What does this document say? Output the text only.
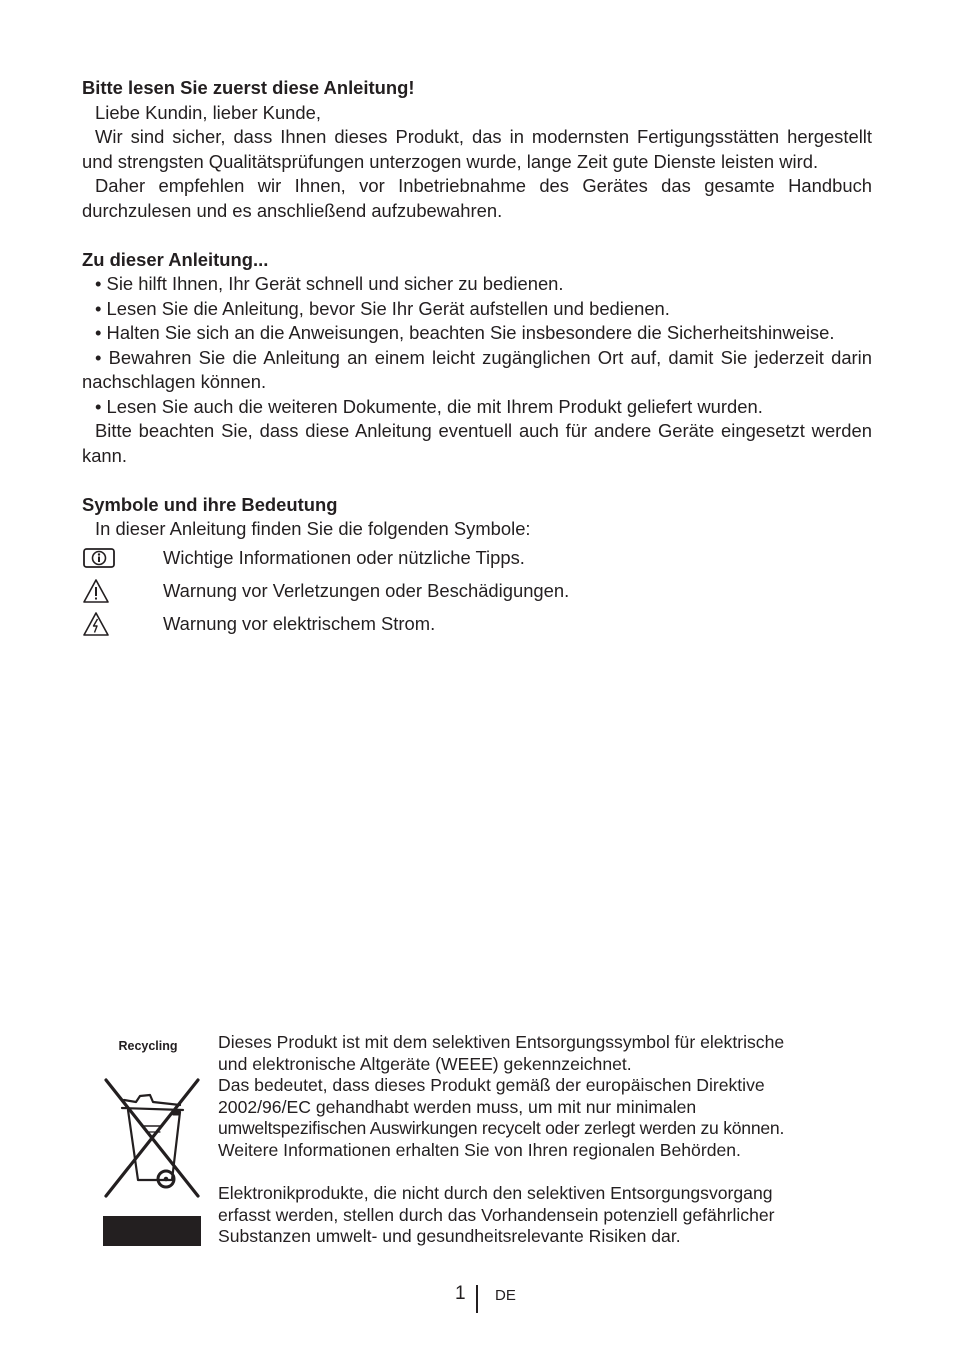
Bitte lesen Sie zuerst diese Anleitung!

Liebe Kundin, lieber Kunde,

Wir sind sicher, dass Ihnen dieses Produkt, das in modernsten Fertigungsstätten hergestellt und strengsten Qualitätsprüfungen unterzogen wurde, lange Zeit gute Dienste leisten wird.

Daher empfehlen wir Ihnen, vor Inbetriebnahme des Gerätes das gesamte Handbuch durchzulesen und es anschließend aufzubewahren.

Zu dieser Anleitung...

• Sie hilft Ihnen, Ihr Gerät schnell und sicher zu bedienen.

• Lesen Sie die Anleitung, bevor Sie Ihr Gerät aufstellen und bedienen.

• Halten Sie sich an die Anweisungen, beachten Sie insbesondere die Sicherheitshinweise.

• Bewahren Sie die Anleitung an einem leicht zugänglichen Ort auf, damit Sie jederzeit darin nachschlagen können.

• Lesen Sie auch die weiteren Dokumente, die mit Ihrem Produkt geliefert wurden.

Bitte beachten Sie, dass diese Anleitung eventuell auch für andere Geräte eingesetzt werden kann.

Symbole und ihre Bedeutung

In dieser Anleitung finden Sie die folgenden Symbole:

Wichtige Informationen oder nützliche Tipps.
Warnung vor Verletzungen oder Beschädigungen.
Warnung vor elektrischem Strom.
Recycling	Dieses Produkt ist mit dem selektiven Entsorgungssymbol für elektrische

und elektronische Altgeräte (WEEE) gekennzeichnet.

Das bedeutet, dass dieses Produkt gemäß der europäischen Direktive

2002/96/EC gehandhabt werden muss, um mit nur minimalen

umweltspezifischen Auswirkungen recycelt oder zerlegt werden zu können.

Weitere Informationen erhalten Sie von Ihren regionalen Behörden.

Elektronikprodukte, die nicht durch den selektiven Entsorgungsvorgang

erfasst werden, stellen durch das Vorhandensein potenziell gefährlicher

Substanzen umwelt- und gesundheitsrelevante Risiken dar.

1 DE
